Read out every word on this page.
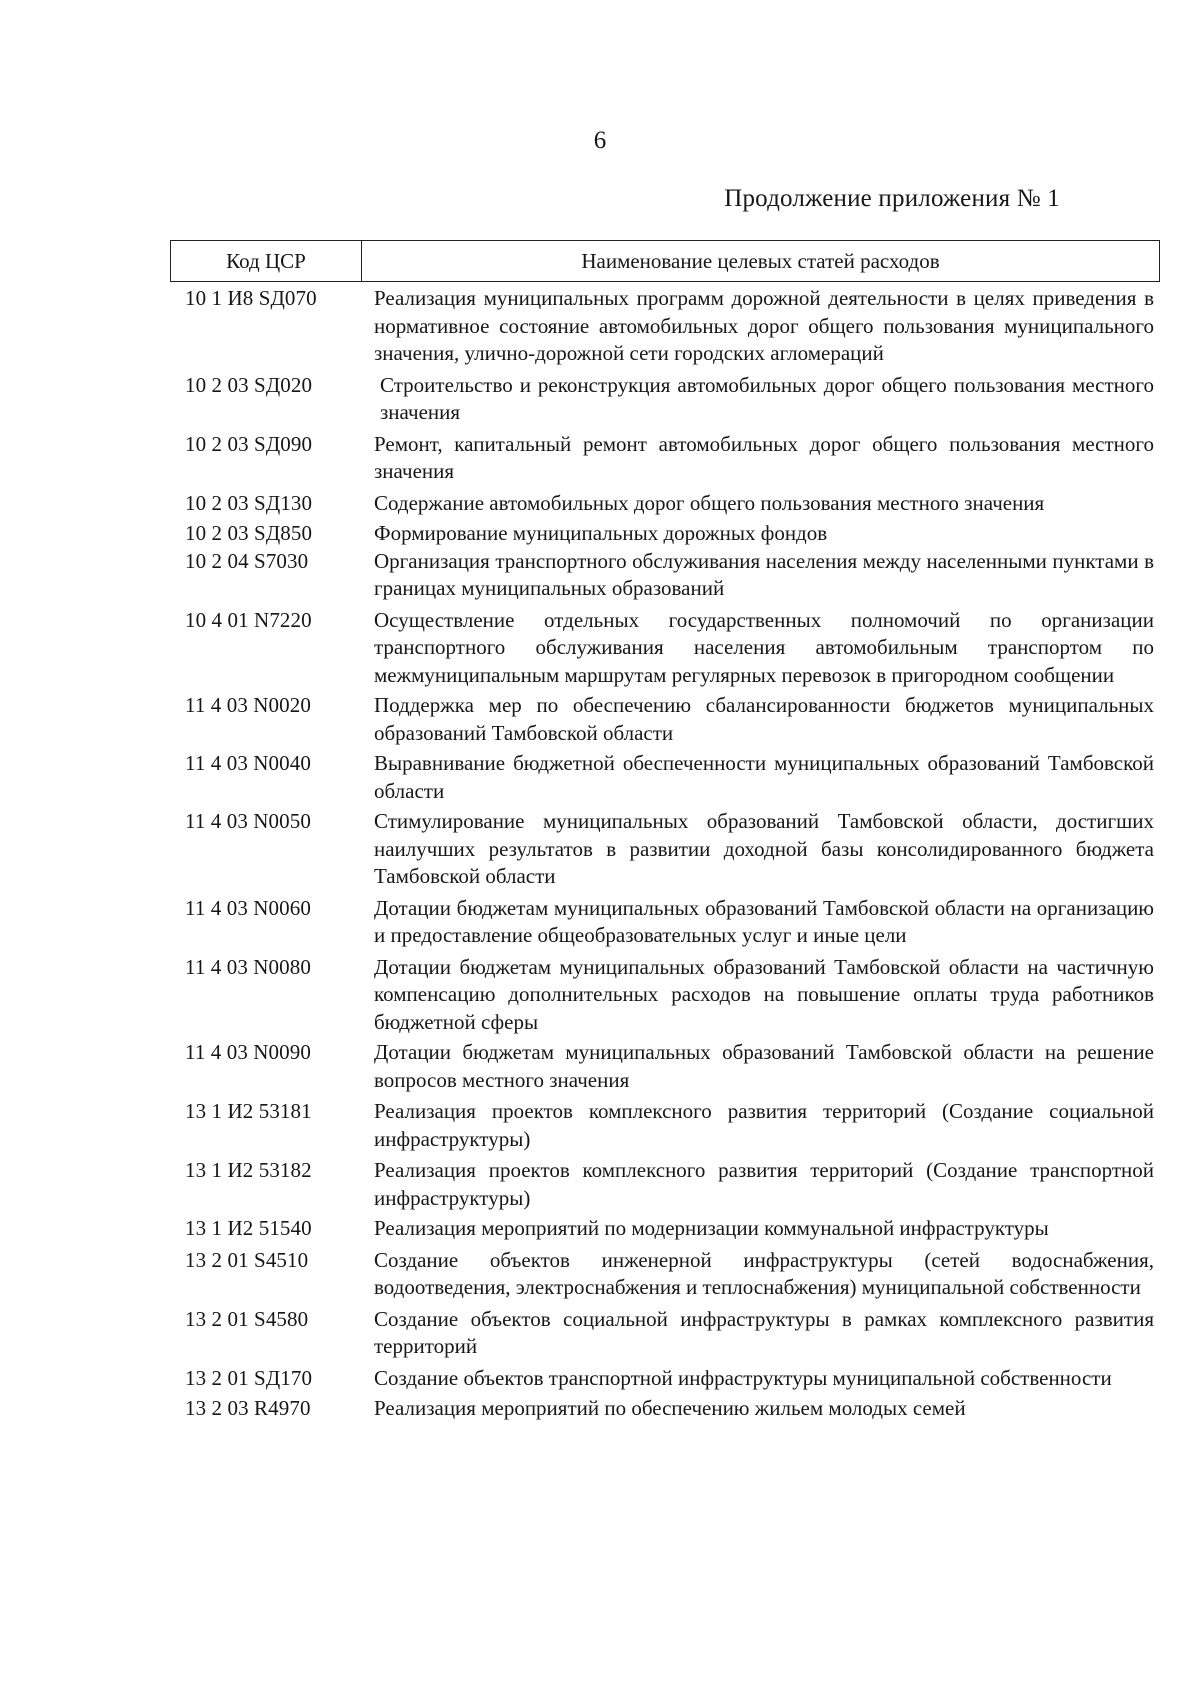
6
Продолжение приложения № 1
Код ЦСР	Наименование целевых статей расходов
10 1 И8 SД070	Реализация муниципальных программ дорожной деятельности в целях приведения в нормативное состояние автомобильных дорог общего пользования муниципального значения, улично-дорожной сети городских агломераций
10 2 03 SД020	Строительство и реконструкция автомобильных дорог общего пользования местного значения
10 2 03 SД090	Ремонт, капитальный ремонт автомобильных дорог общего пользования местного значения
10 2 03 SД130	Содержание автомобильных дорог общего пользования местного значения
10 2 03 SД850	Формирование муниципальных дорожных фондов
10 2 04 S7030	Организация транспортного обслуживания населения между населенными пунктами в границах муниципальных образований
10 4 01 N7220	Осуществление отдельных государственных полномочий по организации транспортного обслуживания населения автомобильным транспортом по межмуниципальным маршрутам регулярных перевозок в пригородном сообщении
11 4 03 N0020	Поддержка мер по обеспечению сбалансированности бюджетов муниципальных образований Тамбовской области
11 4 03 N0040	Выравнивание бюджетной обеспеченности муниципальных образований Тамбовской области
11 4 03 N0050	Стимулирование муниципальных образований Тамбовской области, достигших наилучших результатов в развитии доходной базы консолидированного бюджета Тамбовской области
11 4 03 N0060	Дотации бюджетам муниципальных образований Тамбовской области на организацию и предоставление общеобразовательных услуг и иные цели
11 4 03 N0080	Дотации бюджетам муниципальных образований Тамбовской области на частичную компенсацию дополнительных расходов на повышение оплаты труда работников бюджетной сферы
11 4 03 N0090	Дотации бюджетам муниципальных образований Тамбовской области на решение вопросов местного значения
13 1 И2 53181	Реализация проектов комплексного развития территорий (Создание социальной инфраструктуры)
13 1 И2 53182	Реализация проектов комплексного развития территорий (Создание транспортной инфраструктуры)
13 1 И2 51540	Реализация мероприятий по модернизации коммунальной инфраструктуры
13 2 01 S4510	Создание объектов инженерной инфраструктуры (сетей водоснабжения, водоотведения, электроснабжения и теплоснабжения) муниципальной собственности
13 2 01 S4580	Создание объектов социальной инфраструктуры в рамках комплексного развития территорий
13 2 01 SД170	Создание объектов транспортной инфраструктуры муниципальной собственности
13 2 03 R4970	Реализация мероприятий по обеспечению жильем молодых семей
